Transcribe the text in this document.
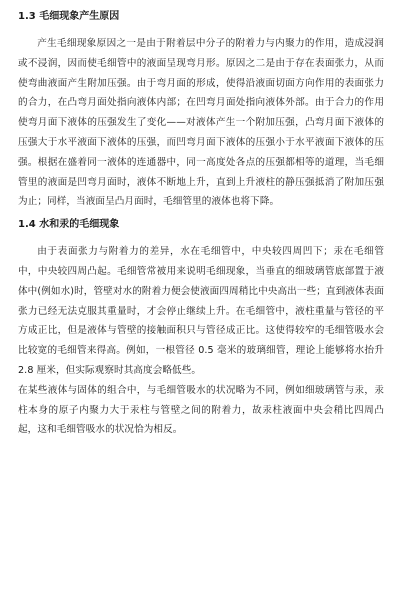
1.3 毛细现象产生原因

产生毛细现象原因之一是由于附着层中分子的附着力与内聚力的作用，造成浸润或不浸润，因而使毛细管中的液面呈现弯月形。原因之二是由于存在表面张力，从而使弯曲液面产生附加压强。由于弯月面的形成，使得沿液面切面方向作用的表面张力的合力，在凸弯月面处指向液体内部；在凹弯月面处指向液体外部。由于合力的作用使弯月面下液体的压强发生了变化——对液体产生一个附加压强，凸弯月面下液体的压强大于水平液面下液体的压强，而凹弯月面下液体的压强小于水平液面下液体的压强。根据在盛着同一液体的连通器中，同一高度处各点的压强都相等的道理，当毛细管里的液面是凹弯月面时，液体不断地上升，直到上升液柱的静压强抵消了附加压强为止；同样，当液面呈凸月面时，毛细管里的液体也将下降。

1.4 水和汞的毛细现象

由于表面张力与附着力的差异，水在毛细管中，中央较四周凹下；汞在毛细管中，中央较四周凸起。毛细管常被用来说明毛细现象，当垂直的细玻璃管底部置于液体中(例如水)时，管壁对水的附着力便会使液面四周稍比中央高出一些；直到液体表面张力已经无法克服其重量时，才会停止继续上升。在毛细管中，液柱重量与管径的平方成正比，但是液体与管壁的接触面积只与管径成正比。这使得较窄的毛细管吸水会比较宽的毛细管来得高。例如，一根管径 0.5 毫米的玻璃细管，理论上能够将水抬升 2.8 厘米，但实际观察时其高度会略低些。

在某些液体与固体的组合中，与毛细管吸水的状况略为不同，例如细玻璃管与汞，汞柱本身的原子内聚力大于汞柱与管壁之间的附着力，故汞柱液面中央会稍比四周凸起，这和毛细管吸水的状况恰为相反。
